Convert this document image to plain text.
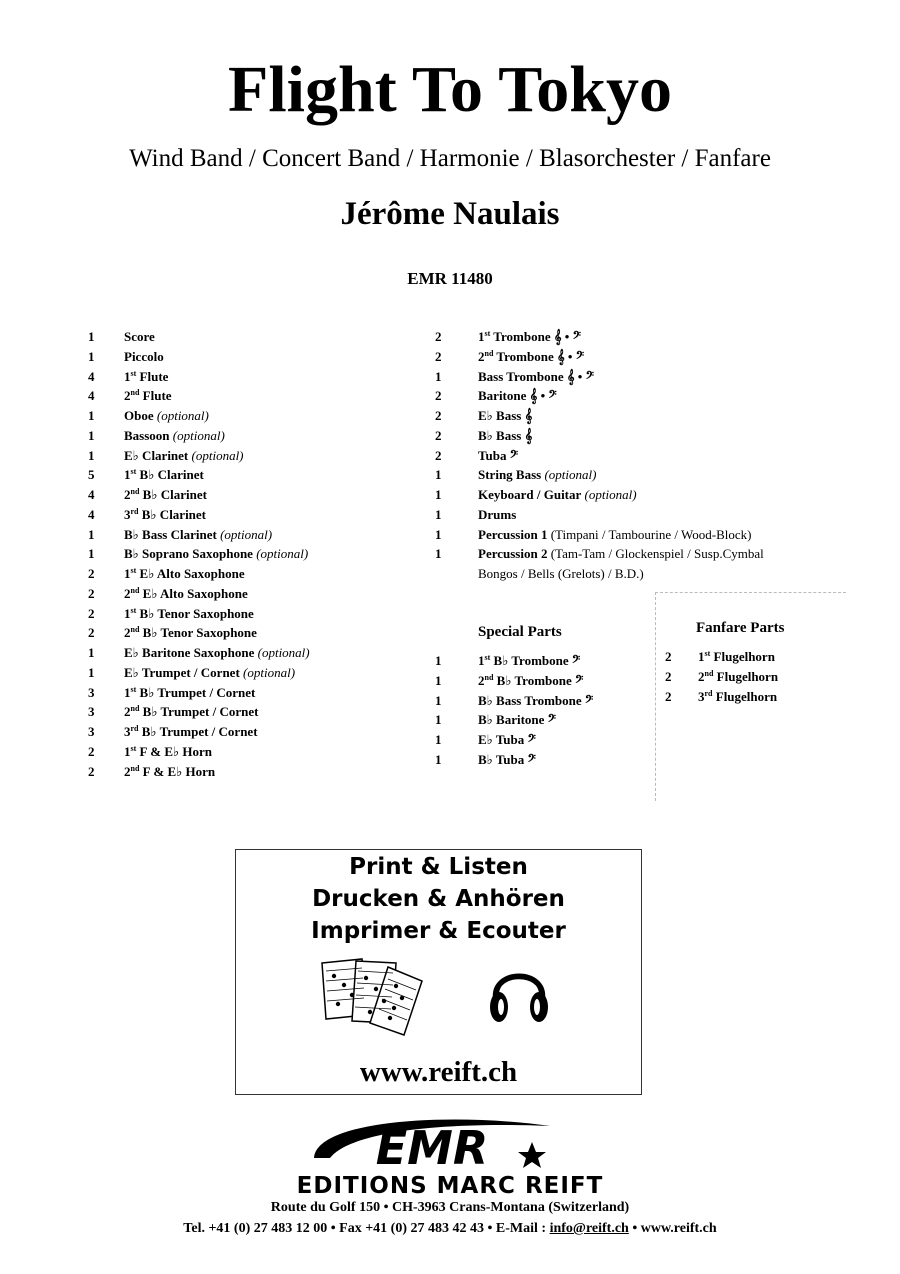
Flight To Tokyo
Wind Band / Concert Band / Harmonie / Blasorchester / Fanfare
Jérôme Naulais
EMR 11480
1 Score
1 Piccolo
4 1st Flute
4 2nd Flute
1 Oboe (optional)
1 Bassoon (optional)
1 E♭ Clarinet (optional)
5 1st B♭ Clarinet
4 2nd B♭ Clarinet
4 3rd B♭ Clarinet
1 B♭ Bass Clarinet (optional)
1 B♭ Soprano Saxophone (optional)
2 1st E♭ Alto Saxophone
2 2nd E♭ Alto Saxophone
2 1st B♭ Tenor Saxophone
2 2nd B♭ Tenor Saxophone
1 E♭ Baritone Saxophone (optional)
1 E♭ Trumpet / Cornet (optional)
3 1st B♭ Trumpet / Cornet
3 2nd B♭ Trumpet / Cornet
3 3rd B♭ Trumpet / Cornet
2 1st F & E♭ Horn
2 2nd F & E♭ Horn
2	1st Trombone 𝄞 • 𝄢
2	2nd Trombone 𝄞 • 𝄢
1	Bass Trombone 𝄞 • 𝄢
2	Baritone 𝄞 • 𝄢
2	E♭ Bass 𝄞
2	B♭ Bass 𝄞
2	Tuba 𝄢
1	String Bass (optional)
1	Keyboard / Guitar (optional)
1	Drums
1	Percussion 1 (Timpani / Tambourine / Wood-Block)
1	Percussion 2 (Tam-Tam / Glockenspiel / Susp.Cymbal
Bongos / Bells (Grelots) / B.D.)
Special Parts
1	1st B♭ Trombone 𝄢
1	2nd B♭ Trombone 𝄢
1	B♭ Bass Trombone 𝄢
1	B♭ Baritone 𝄢
1	E♭ Tuba 𝄢
1	B♭ Tuba 𝄢
Fanfare Parts
2 1st Flugelhorn
2 2nd Flugelhorn
2 3rd Flugelhorn
Print & Listen
Drucken & Anhören
Imprimer & Ecouter
www.reift.ch
EMR
EDITIONS MARC REIFT
Route du Golf 150 • CH-3963 Crans-Montana (Switzerland)
Tel. +41 (0) 27 483 12 00 • Fax +41 (0) 27 483 42 43 • E-Mail : info@reift.ch • www.reift.ch
